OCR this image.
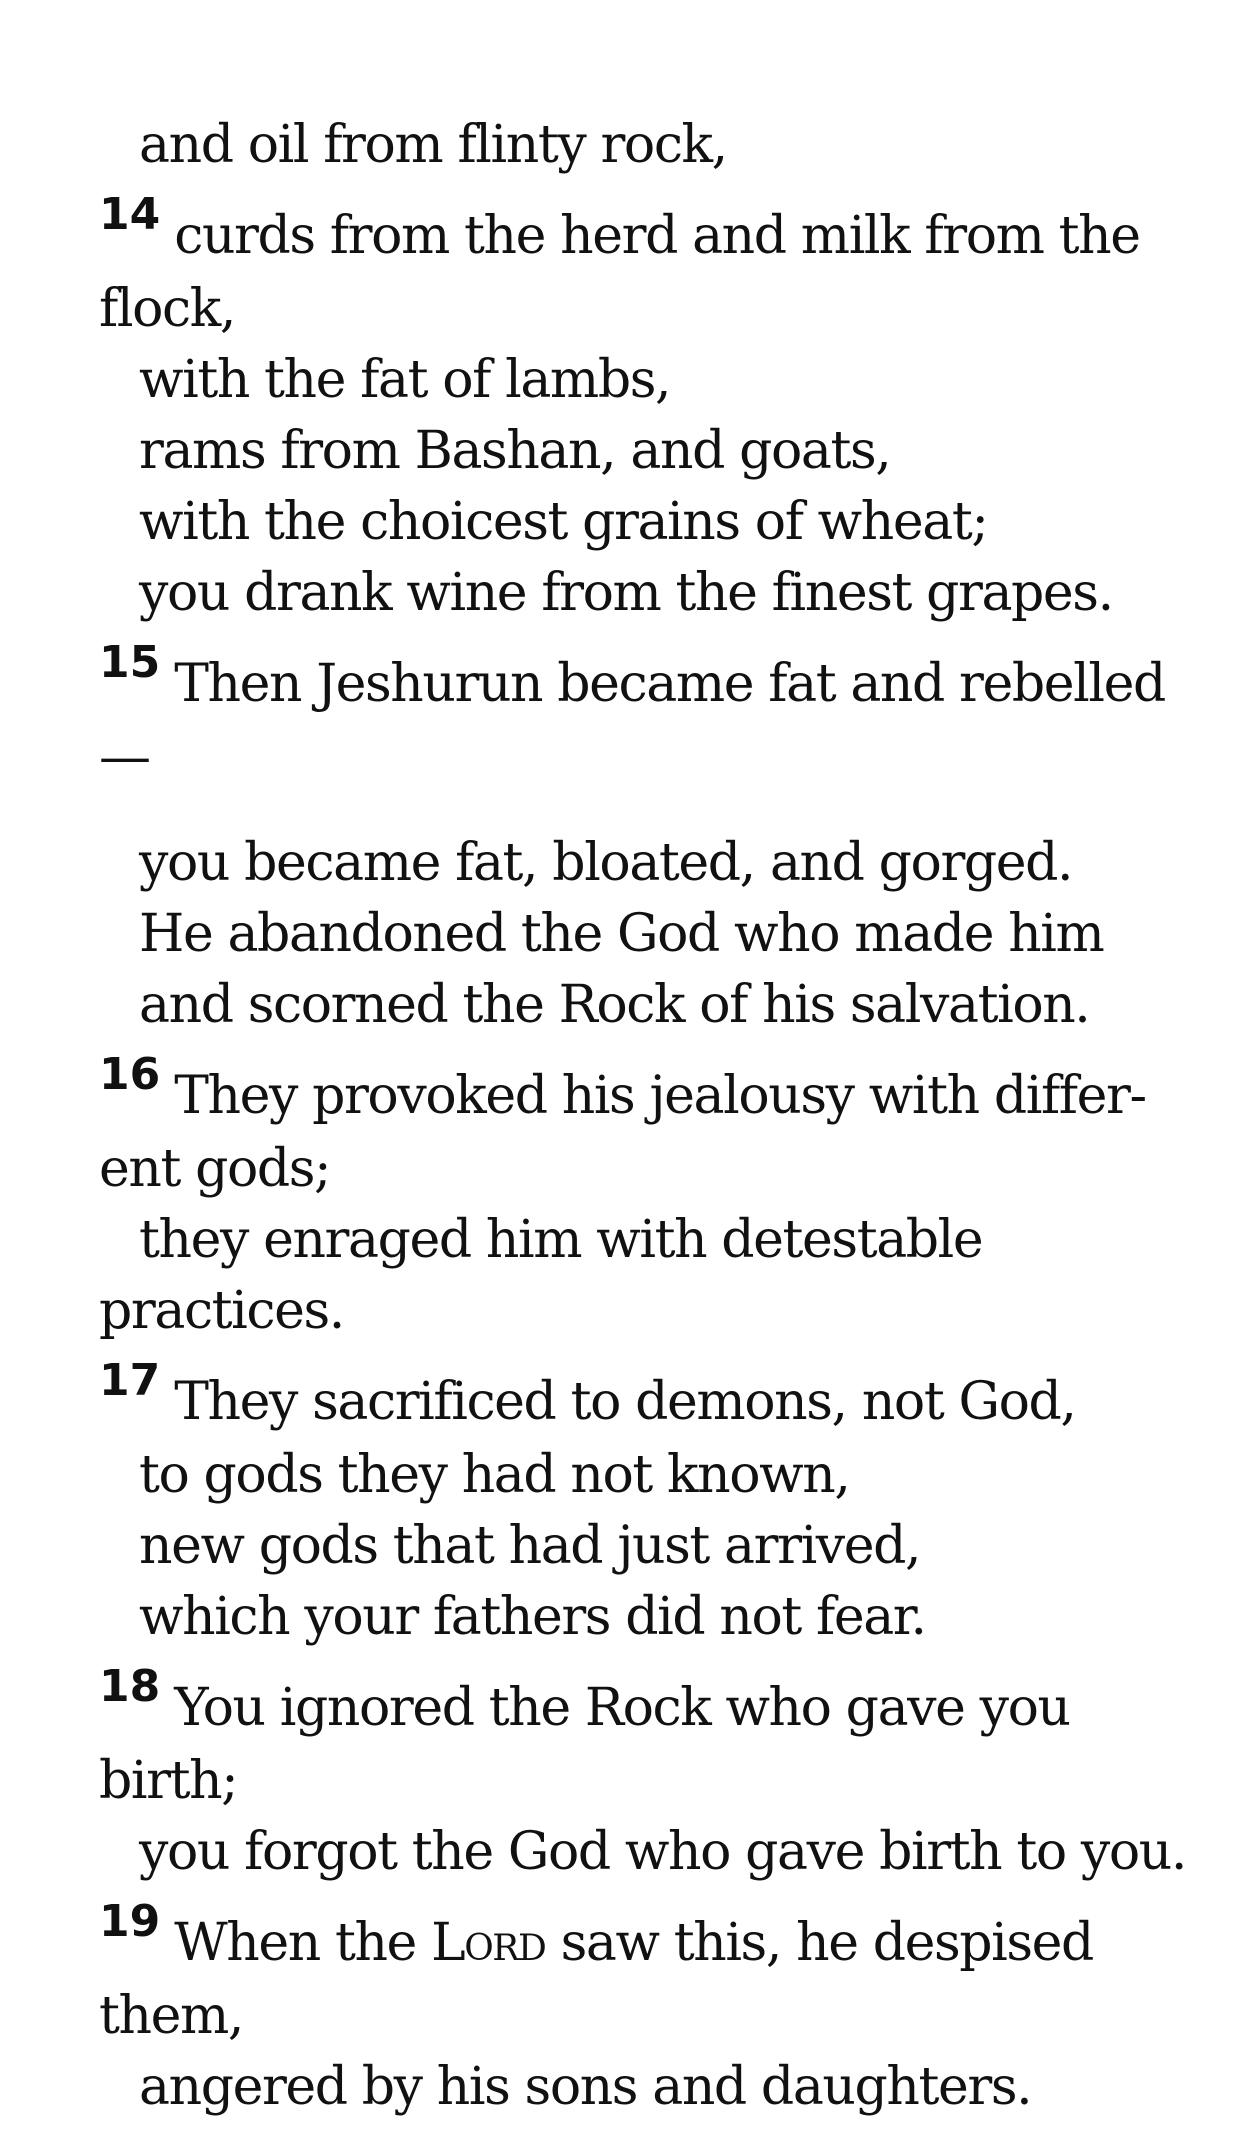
and oil from flinty rock,
$^{14}$ curds from the herd and milk from the
flock,
with the fat of lambs,
rams from Bashan, and goats,
with the choicest grains of wheat;
you drank wine from the finest grapes.
$^{15}$ Then Jeshurun became fat and rebelled
—
you became fat, bloated, and gorged.
He abandoned the God who made him
and scorned the Rock of his salvation.
$^{16}$ They provoked his jealousy with differ-
ent gods;
they enraged him with detestable
practices.
$^{17}$ They sacrificed to demons, not God,
to gods they had not known,
new gods that had just arrived,
which your fathers did not fear.
$^{18}$ You ignored the Rock who gave you
birth;
you forgot the God who gave birth to you.
$^{19}$ When the Lord saw this, he despised
them,
angered by his sons and daughters.
